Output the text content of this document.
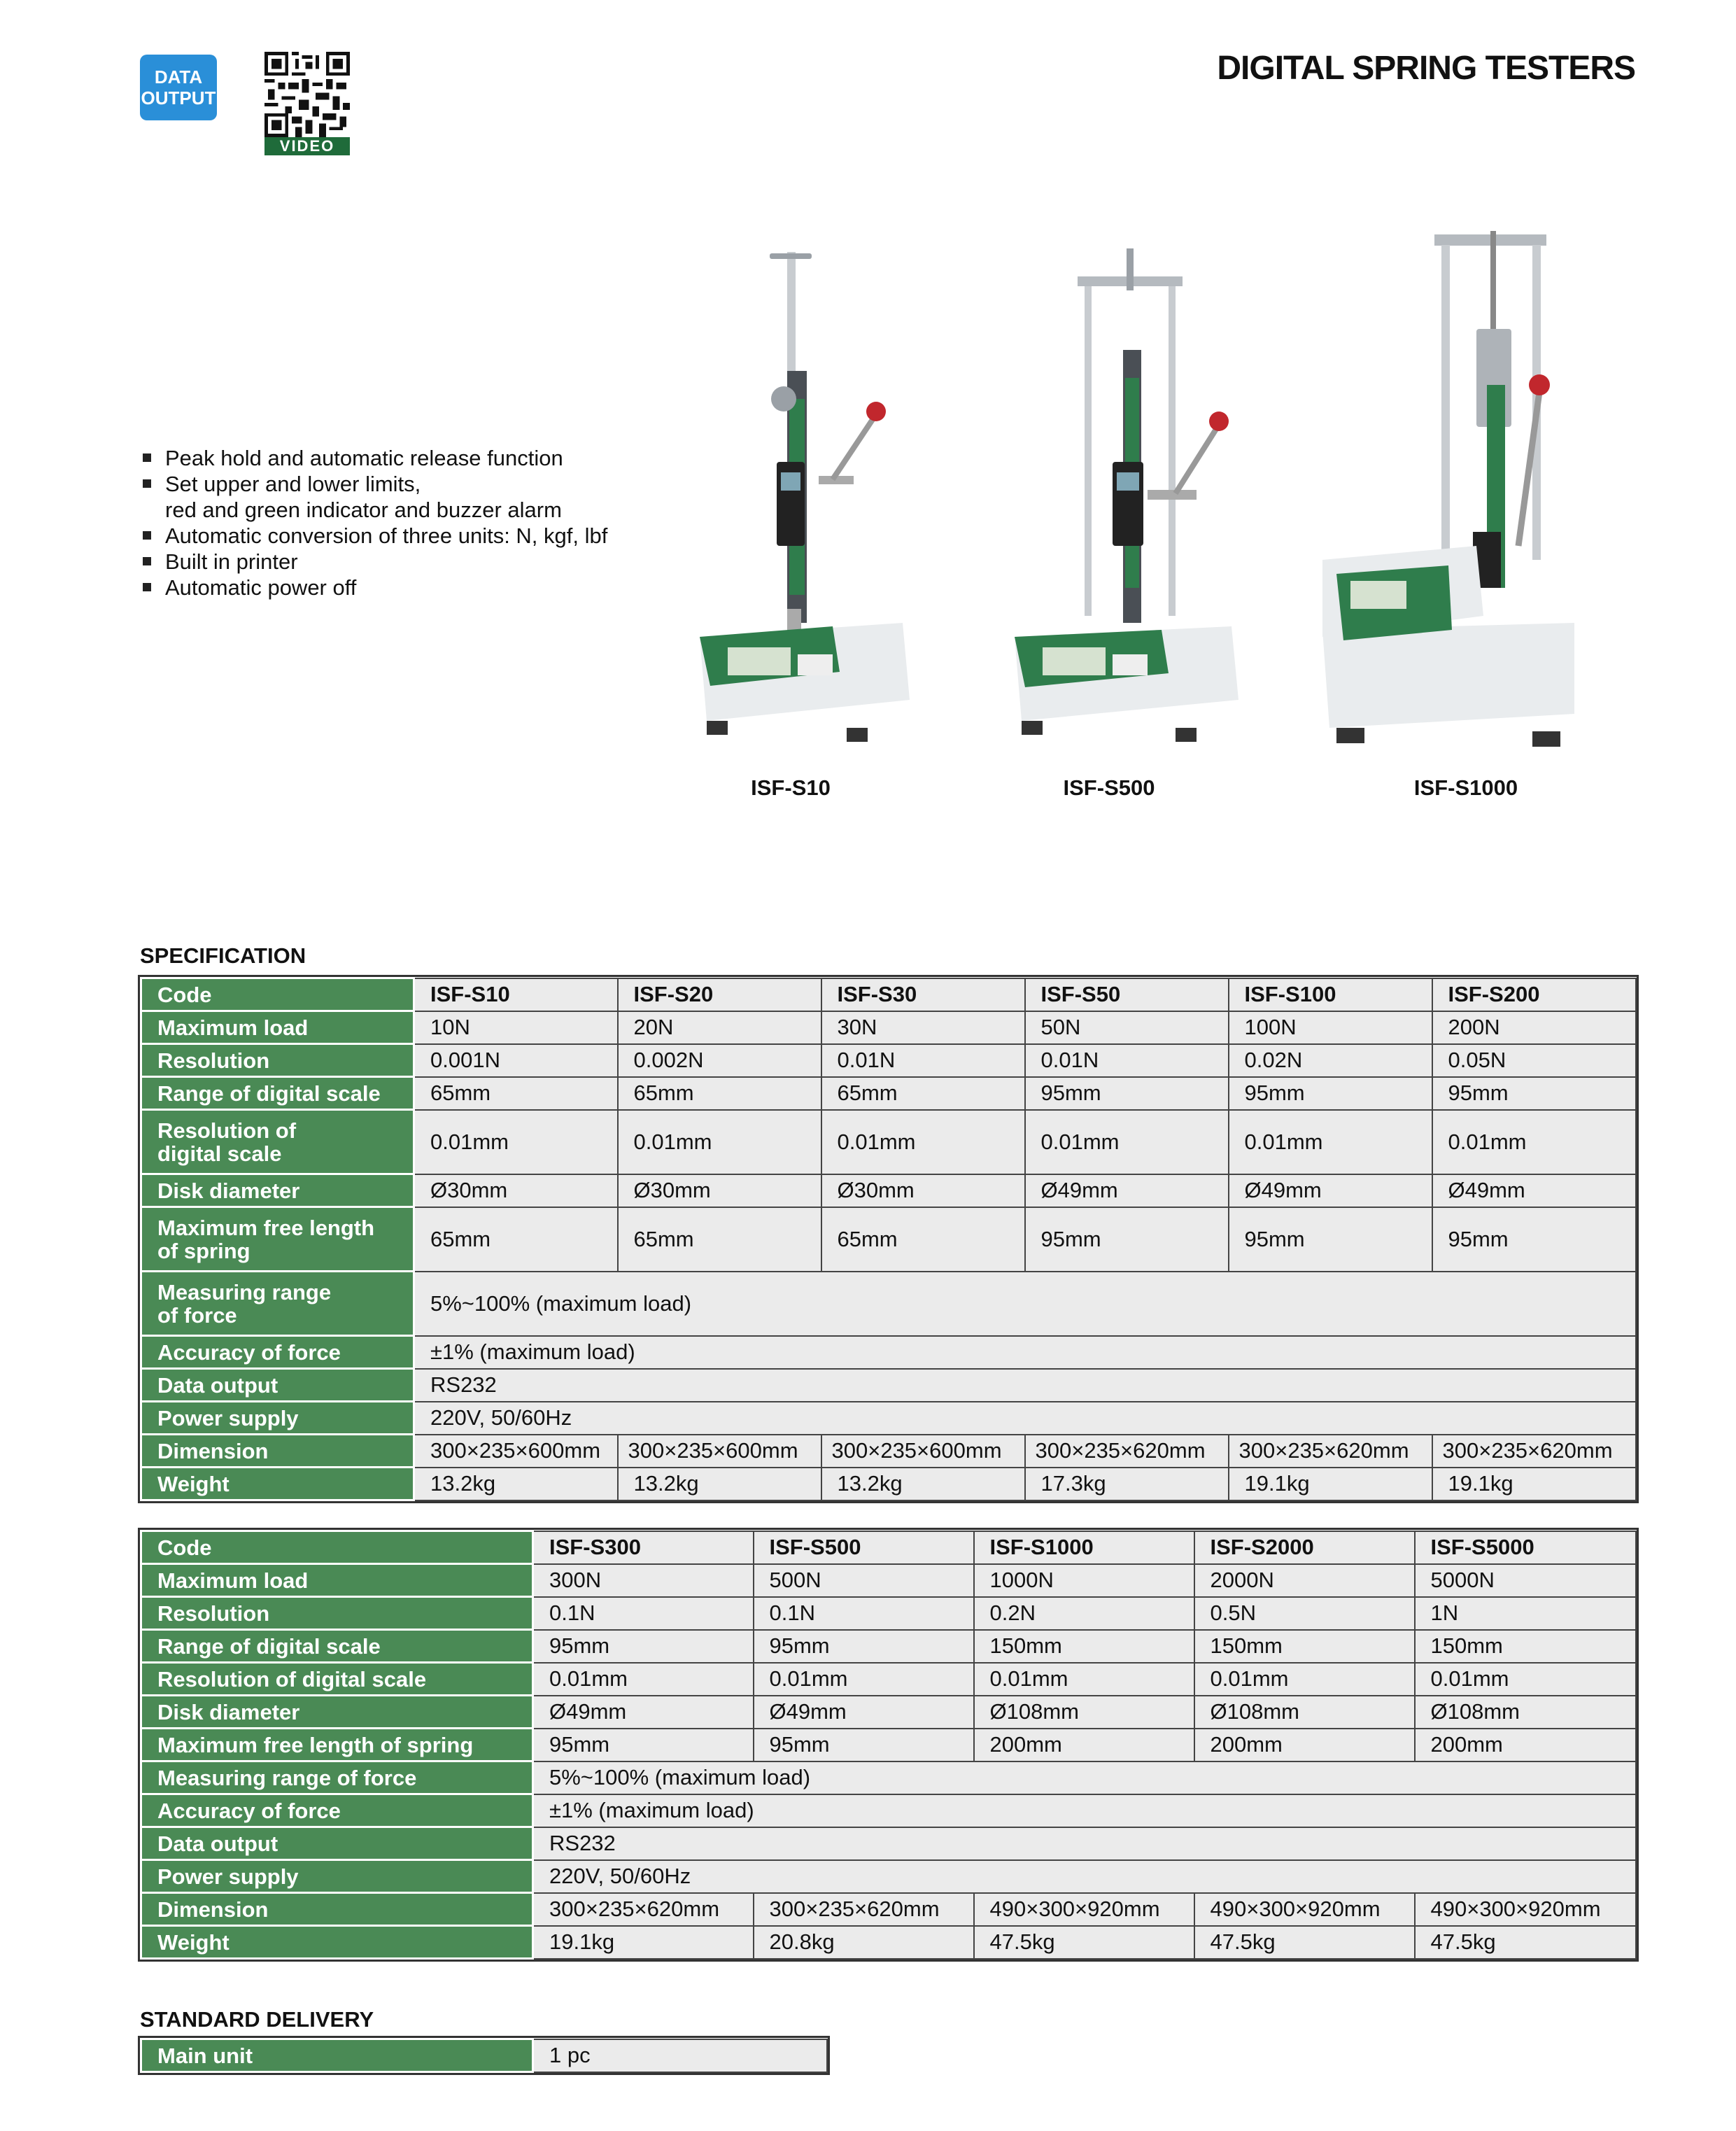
DATA
OUTPUT
VIDEO
DIGITAL SPRING TESTERS
Peak hold and automatic release function
Set upper and lower limits,
red and green indicator and buzzer alarm
Automatic conversion of three units: N, kgf, lbf
Built in printer
Automatic power off
ISF-S10	ISF-S500	ISF-S1000
SPECIFICATION
Code	ISF-S10	ISF-S20	ISF-S30	ISF-S50	ISF-S100	ISF-S200
Maximum load	10N	20N	30N	50N	100N	200N
Resolution	0.001N	0.002N	0.01N	0.01N	0.02N	0.05N
Range of digital scale	65mm	65mm	65mm	95mm	95mm	95mm

Resolution of
digital scale	0.01mm	0.01mm	0.01mm	0.01mm	0.01mm	0.01mm
Disk diameter	Ø30mm	Ø30mm	Ø30mm	Ø49mm	Ø49mm	Ø49mm

Maximum free length
of spring	65mm	65mm	65mm	95mm	95mm	95mm

Measuring range
of force	5%~100% (maximum load)					
Accuracy of force	±1% (maximum load)					
Data output	RS232					
Power supply	220V, 50/60Hz					
Dimension	300×235×600mm	300×235×600mm	300×235×600mm	300×235×620mm	300×235×620mm	300×235×620mm
Weight	13.2kg	13.2kg	13.2kg	17.3kg	19.1kg	19.1kg
Code	ISF-S300	ISF-S500	ISF-S1000	ISF-S2000	ISF-S5000
Maximum load	300N	500N	1000N	2000N	5000N
Resolution	0.1N	0.1N	0.2N	0.5N	1N
Range of digital scale	95mm	95mm	150mm	150mm	150mm
Resolution of digital scale	0.01mm	0.01mm	0.01mm	0.01mm	0.01mm
Disk diameter	Ø49mm	Ø49mm	Ø108mm	Ø108mm	Ø108mm
Maximum free length of spring	95mm	95mm	200mm	200mm	200mm
Measuring range of force	5%~100% (maximum load)				
Accuracy of force	±1% (maximum load)				
Data output	RS232				
Power supply	220V, 50/60Hz				
Dimension	300×235×620mm	300×235×620mm	490×300×920mm	490×300×920mm	490×300×920mm
Weight	19.1kg	20.8kg	47.5kg	47.5kg	47.5kg
STANDARD DELIVERY
Main unit	1 pc
